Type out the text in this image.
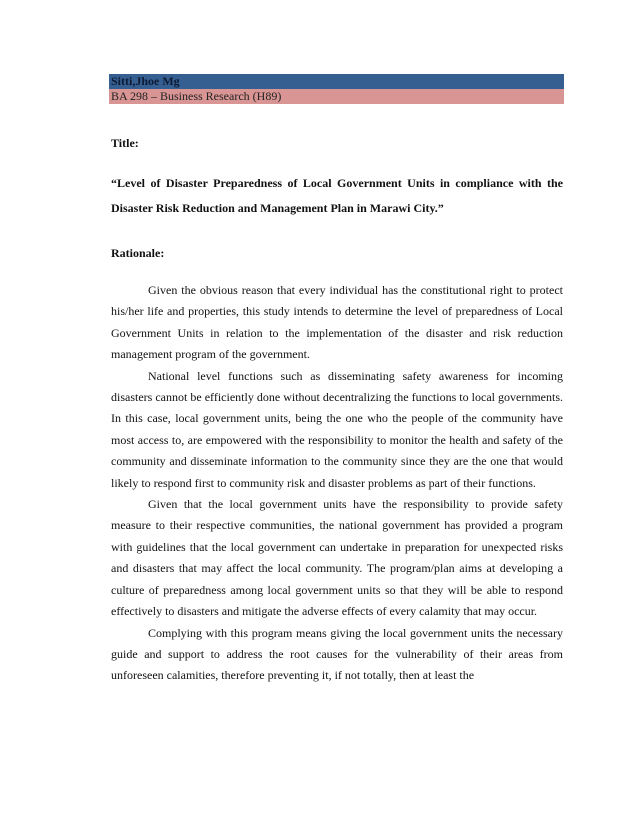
Sitti,Jhoe Mg
BA 298 – Business Research (H89)
Title:
“Level of Disaster Preparedness of Local Government Units in compliance with the Disaster Risk Reduction and Management Plan in Marawi City.”
Rationale:

Given the obvious reason that every individual has the constitutional right to protect his/her life and properties, this study intends to determine the level of preparedness of Local Government Units in relation to the implementation of the disaster and risk reduction management program of the government.

National level functions such as disseminating safety awareness for incoming disasters cannot be efficiently done without decentralizing the functions to local governments. In this case, local government units, being the one who the people of the community have most access to, are empowered with the responsibility to monitor the health and safety of the community and disseminate information to the community since they are the one that would likely to respond first to community risk and disaster problems as part of their functions.

Given that the local government units have the responsibility to provide safety measure to their respective communities, the national government has provided a program with guidelines that the local government can undertake in preparation for unexpected risks and disasters that may affect the local community. The program/plan aims at developing a culture of preparedness among local government units so that they will be able to respond effectively to disasters and mitigate the adverse effects of every calamity that may occur.

Complying with this program means giving the local government units the necessary guide and support to address the root causes for the vulnerability of their areas from unforeseen calamities, therefore preventing it, if not totally, then at least the
